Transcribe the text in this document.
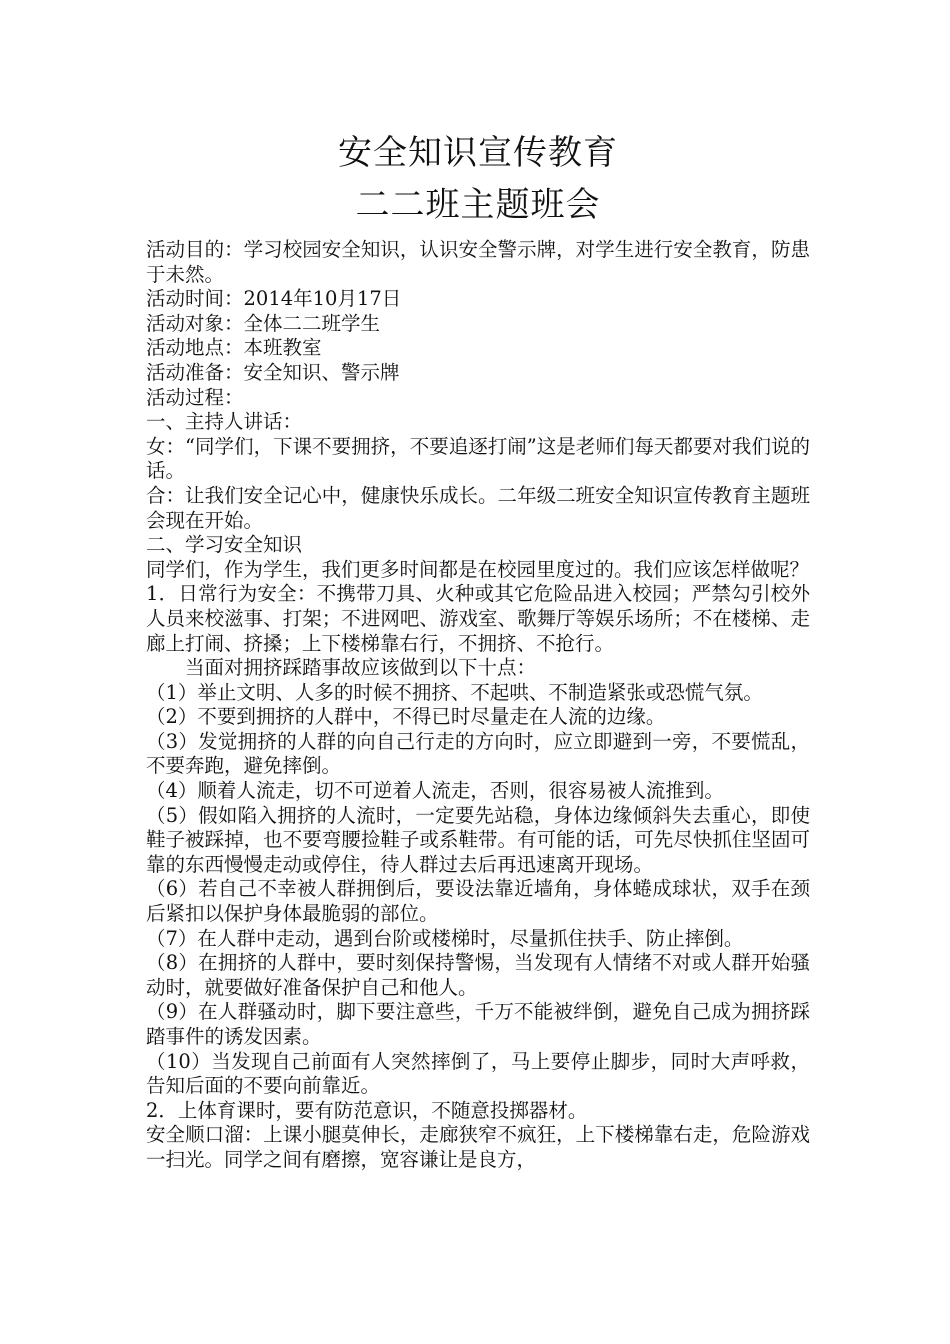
安全知识宣传教育
二二班主题班会

活动目的：学习校园安全知识，认识安全警示牌，对学生进行安全教育，防患于未然。

活动时间：2014年10月17日

活动对象：全体二二班学生

活动地点：本班教室

活动准备：安全知识、警示牌

活动过程：

一、主持人讲话：

女：“同学们，下课不要拥挤，不要追逐打闹”这是老师们每天都要对我们说的话。

合：让我们安全记心中，健康快乐成长。二年级二班安全知识宣传教育主题班会现在开始。

二、学习安全知识

同学们，作为学生，我们更多时间都是在校园里度过的。我们应该怎样做呢？

1．日常行为安全：不携带刀具、火种或其它危险品进入校园；严禁勾引校外人员来校滋事、打架；不进网吧、游戏室、歌舞厅等娱乐场所；不在楼梯、走廊上打闹、挤搡；上下楼梯靠右行，不拥挤、不抢行。

当面对拥挤踩踏事故应该做到以下十点：

（1）举止文明、人多的时候不拥挤、不起哄、不制造紧张或恐慌气氛。

（2）不要到拥挤的人群中，不得已时尽量走在人流的边缘。

（3）发觉拥挤的人群的向自己行走的方向时，应立即避到一旁，不要慌乱，不要奔跑，避免摔倒。

（4）顺着人流走，切不可逆着人流走，否则，很容易被人流推到。

（5）假如陷入拥挤的人流时，一定要先站稳，身体边缘倾斜失去重心，即使鞋子被踩掉，也不要弯腰捡鞋子或系鞋带。有可能的话，可先尽快抓住坚固可靠的东西慢慢走动或停住，待人群过去后再迅速离开现场。

（6）若自己不幸被人群拥倒后，要设法靠近墙角，身体蜷成球状，双手在颈后紧扣以保护身体最脆弱的部位。

（7）在人群中走动，遇到台阶或楼梯时，尽量抓住扶手、防止摔倒。

（8）在拥挤的人群中，要时刻保持警惕，当发现有人情绪不对或人群开始骚动时，就要做好准备保护自己和他人。

（9）在人群骚动时，脚下要注意些，千万不能被绊倒，避免自己成为拥挤踩踏事件的诱发因素。

（10）当发现自己前面有人突然摔倒了，马上要停止脚步，同时大声呼救，告知后面的不要向前靠近。

2．上体育课时，要有防范意识，不随意投掷器材。

安全顺口溜：上课小腿莫伸长，走廊狭窄不疯狂，上下楼梯靠右走，危险游戏一扫光。同学之间有磨擦，宽容谦让是良方，
